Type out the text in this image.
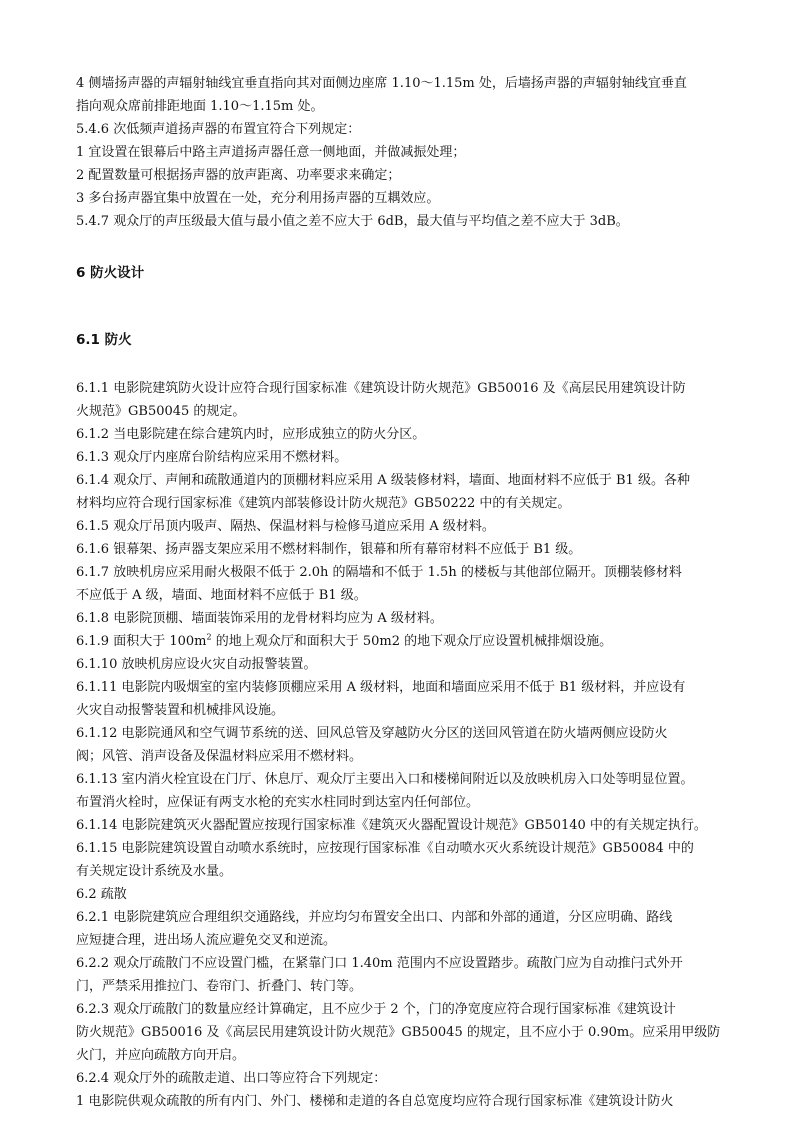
4 侧墙扬声器的声辐射轴线宜垂直指向其对面侧边座席 1.10～1.15m 处，后墙扬声器的声辐射轴线宜垂直
指向观众席前排距地面 1.10～1.15m 处。
5.4.6 次低频声道扬声器的布置宜符合下列规定：
1 宜设置在银幕后中路主声道扬声器任意一侧地面，并做减振处理；
2 配置数量可根据扬声器的放声距离、功率要求来确定；
3 多台扬声器宜集中放置在一处，充分利用扬声器的互耦效应。
5.4.7 观众厅的声压级最大值与最小值之差不应大于 6dB，最大值与平均值之差不应大于 3dB。
6 防火设计
6.1 防火
6.1.1 电影院建筑防火设计应符合现行国家标准《建筑设计防火规范》GB50016 及《高层民用建筑设计防
火规范》GB50045 的规定。
6.1.2 当电影院建在综合建筑内时，应形成独立的防火分区。
6.1.3 观众厅内座席台阶结构应采用不燃材料。
6.1.4 观众厅、声闸和疏散通道内的顶棚材料应采用 A 级装修材料，墙面、地面材料不应低于 B1 级。各种
材料均应符合现行国家标准《建筑内部装修设计防火规范》GB50222 中的有关规定。
6.1.5 观众厅吊顶内吸声、隔热、保温材料与检修马道应采用 A 级材料。
6.1.6 银幕架、扬声器支架应采用不燃材料制作，银幕和所有幕帘材料不应低于 B1 级。
6.1.7 放映机房应采用耐火极限不低于 2.0h 的隔墙和不低于 1.5h 的楼板与其他部位隔开。顶棚装修材料
不应低于 A 级，墙面、地面材料不应低于 B1 级。
6.1.8 电影院顶棚、墙面装饰采用的龙骨材料均应为 A 级材料。
6.1.9 面积大于 $100m^2$ 的地上观众厅和面积大于 50m2 的地下观众厅应设置机械排烟设施。
6.1.10 放映机房应设火灾自动报警装置。
6.1.11 电影院内吸烟室的室内装修顶棚应采用 A 级材料，地面和墙面应采用不低于 B1 级材料，并应设有
火灾自动报警装置和机械排风设施。
6.1.12 电影院通风和空气调节系统的送、回风总管及穿越防火分区的送回风管道在防火墙两侧应设防火
阀；风管、消声设备及保温材料应采用不燃材料。
6.1.13 室内消火栓宜设在门厅、休息厅、观众厅主要出入口和楼梯间附近以及放映机房入口处等明显位置。
布置消火栓时，应保证有两支水枪的充实水柱同时到达室内任何部位。
6.1.14 电影院建筑灭火器配置应按现行国家标准《建筑灭火器配置设计规范》GB50140 中的有关规定执行。
6.1.15 电影院建筑设置自动喷水系统时，应按现行国家标准《自动喷水灭火系统设计规范》GB50084 中的
有关规定设计系统及水量。
6.2 疏散
6.2.1 电影院建筑应合理组织交通路线，并应均匀布置安全出口、内部和外部的通道，分区应明确、路线
应短捷合理，进出场人流应避免交叉和逆流。
6.2.2 观众厅疏散门不应设置门槛，在紧靠门口 1.40m 范围内不应设置踏步。疏散门应为自动推闩式外开
门，严禁采用推拉门、卷帘门、折叠门、转门等。
6.2.3 观众厅疏散门的数量应经计算确定，且不应少于 2 个，门的净宽度应符合现行国家标准《建筑设计
防火规范》GB50016 及《高层民用建筑设计防火规范》GB50045 的规定，且不应小于 0.90m。应采用甲级防
火门，并应向疏散方向开启。
6.2.4 观众厅外的疏散走道、出口等应符合下列规定：
1 电影院供观众疏散的所有内门、外门、楼梯和走道的各自总宽度均应符合现行国家标准《建筑设计防火
